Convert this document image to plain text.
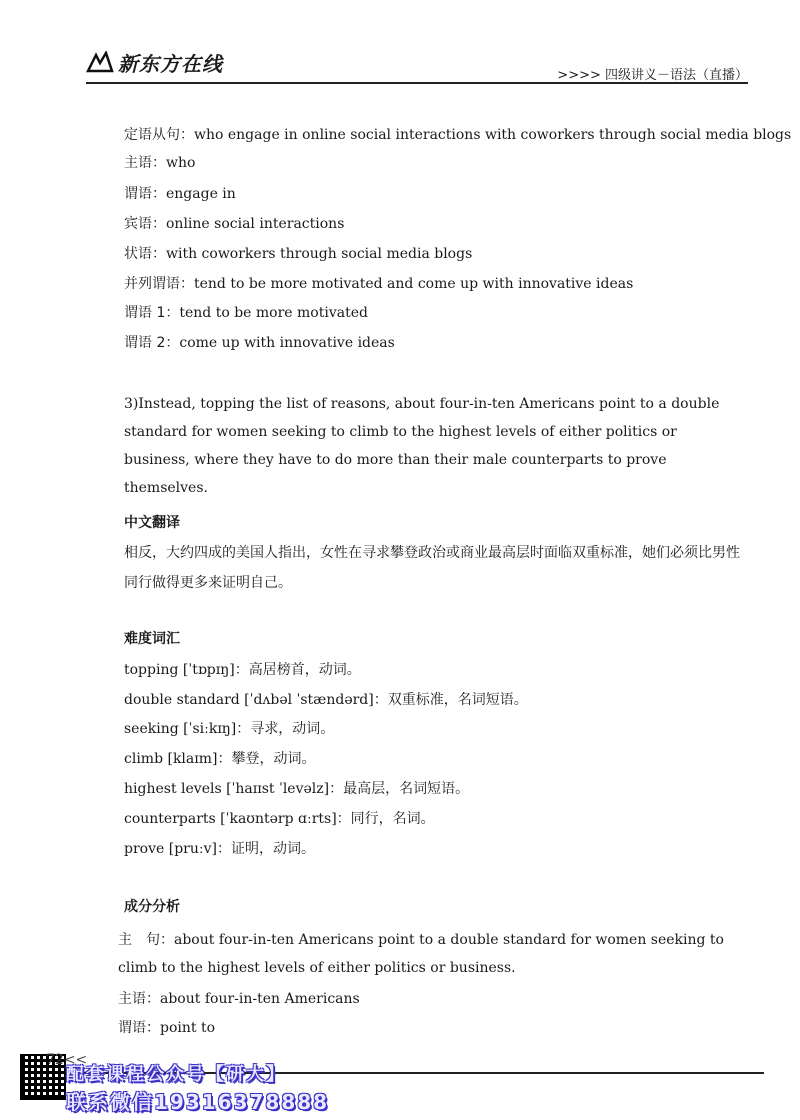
新东方在线	>>>> 四级讲义－语法（直播）
定语从句：who engage in online social interactions with coworkers through social media blogs
主语：who
谓语：engage in
宾语：online social interactions
状语：with coworkers through social media blogs
并列谓语：tend to be more motivated and come up with innovative ideas
谓语 1：tend to be more motivated
谓语 2：come up with innovative ideas
3)Instead, topping the list of reasons, about four-in-ten Americans point to a double standard for women seeking to climb to the highest levels of either politics or business, where they have to do more than their male counterparts to prove themselves.
中文翻译
相反，大约四成的美国人指出，女性在寻求攀登政治或商业最高层时面临双重标准，她们必须比男性同行做得更多来证明自己。
难度词汇
topping [ˈtɒpɪŋ]：高居榜首，动词。
double standard [ˈdʌbəl ˈstændərd]：双重标准，名词短语。
seeking [ˈsiːkɪŋ]：寻求，动词。
climb [klaɪm]：攀登，动词。
highest levels [ˈhaɪɪst ˈlevəlz]：最高层，名词短语。
counterparts [ˈkaʊntərp ɑːrts]：同行，名词。
prove [pruːv]：证明，动词。
成分分析
主　句：about four-in-ten Americans point to a double standard for women seeking to climb to the highest levels of either politics or business.
主语：about four-in-ten Americans
谓语：point to
72<<
配套课程公众号【研大】
联系微信19316378888
